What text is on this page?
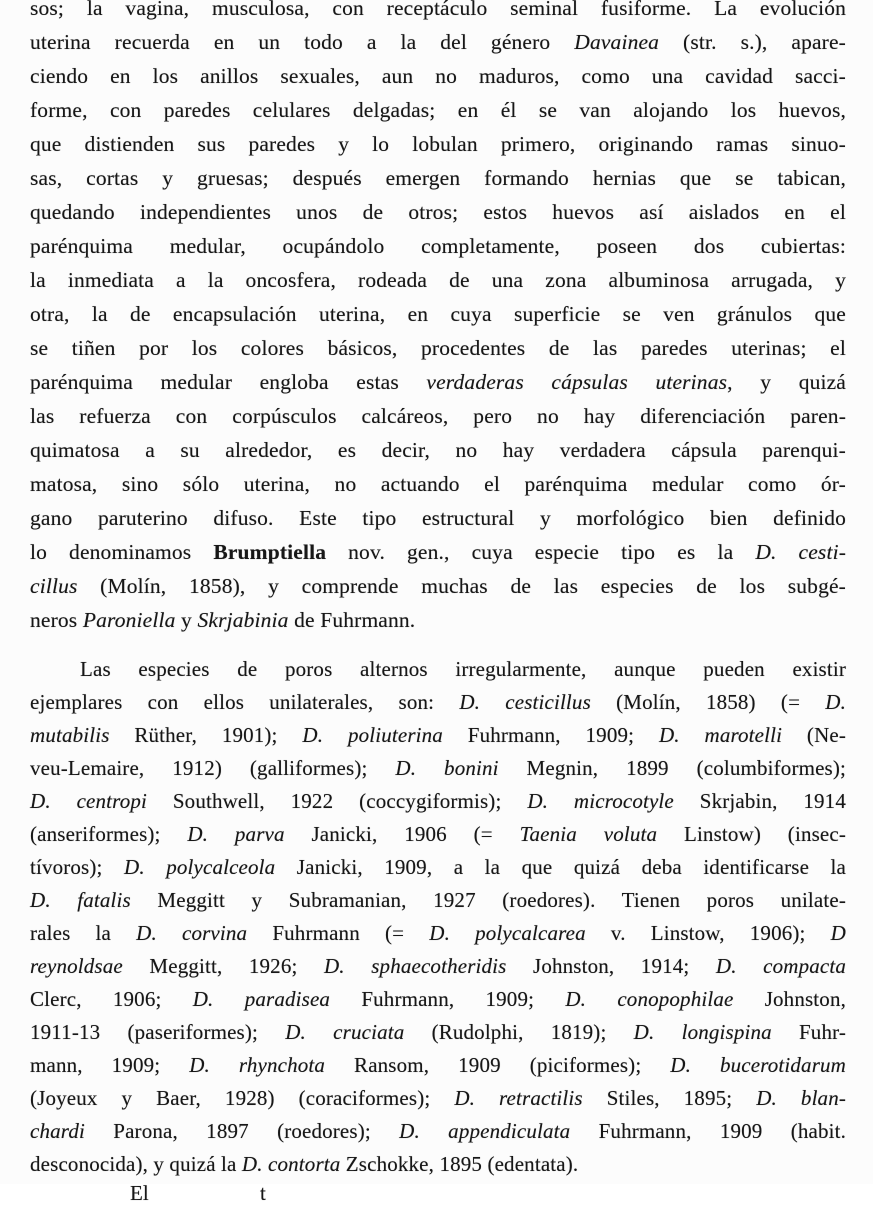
sos; la vagina, musculosa, con receptáculo seminal fusiforme. La evolución
uterina recuerda en un todo a la del género Davainea (str. s.), apare-
ciendo en los anillos sexuales, aun no maduros, como una cavidad sacci-
forme, con paredes celulares delgadas; en él se van alojando los huevos,
que distienden sus paredes y lo lobulan primero, originando ramas sinuo-
sas, cortas y gruesas; después emergen formando hernias que se tabican,
quedando independientes unos de otros; estos huevos así aislados en el
parénquima medular, ocupándolo completamente, poseen dos cubiertas:
la inmediata a la oncosfera, rodeada de una zona albuminosa arrugada, y
otra, la de encapsulación uterina, en cuya superficie se ven gránulos que
se tiñen por los colores básicos, procedentes de las paredes uterinas; el
parénquima medular engloba estas verdaderas cápsulas uterinas, y quizá
las refuerza con corpúsculos calcáreos, pero no hay diferenciación paren-
quimatosa a su alrededor, es decir, no hay verdadera cápsula parenqui-
matosa, sino sólo uterina, no actuando el parénquima medular como ór-
gano paruterino difuso. Este tipo estructural y morfológico bien definido
lo denominamos Brumptiella nov. gen., cuya especie tipo es la D. cesti-
cillus (Molín, 1858), y comprende muchas de las especies de los subgé-
neros Paroniella y Skrjabinia de Fuhrmann.
Las especies de poros alternos irregularmente, aunque pueden existir
ejemplares con ellos unilaterales, son: D. cesticillus (Molín, 1858) (= D.
mutabilis Rüther, 1901); D. poliuterina Fuhrmann, 1909; D. marotelli (Ne-
veu-Lemaire, 1912) (galliformes); D. bonini Megnin, 1899 (columbiformes);
D. centropi Southwell, 1922 (coccygiformis); D. microcotyle Skrjabin, 1914
(anseriformes); D. parva Janicki, 1906 (= Taenia voluta Linstow) (insec-
tívoros); D. polycalceola Janicki, 1909, a la que quizá deba identificarse la
D. fatalis Meggitt y Subramanian, 1927 (roedores). Tienen poros unilate-
rales la D. corvina Fuhrmann (= D. polycalcarea v. Linstow, 1906); D
reynoldsae Meggitt, 1926; D. sphaecotheridis Johnston, 1914; D. compacta
Clerc, 1906; D. paradisea Fuhrmann, 1909; D. conopophilae Johnston,
1911-13 (paseriformes); D. cruciata (Rudolphi, 1819); D. longispina Fuhr-
mann, 1909; D. rhynchota Ransom, 1909 (piciformes); D. bucerotidarum
(Joyeux y Baer, 1928) (coraciformes); D. retractilis Stiles, 1895; D. blan-
chardi Parona, 1897 (roedores); D. appendiculata Fuhrmann, 1909 (habit.
desconocida), y quizá la D. contorta Zschokke, 1895 (edentata).
El	t
